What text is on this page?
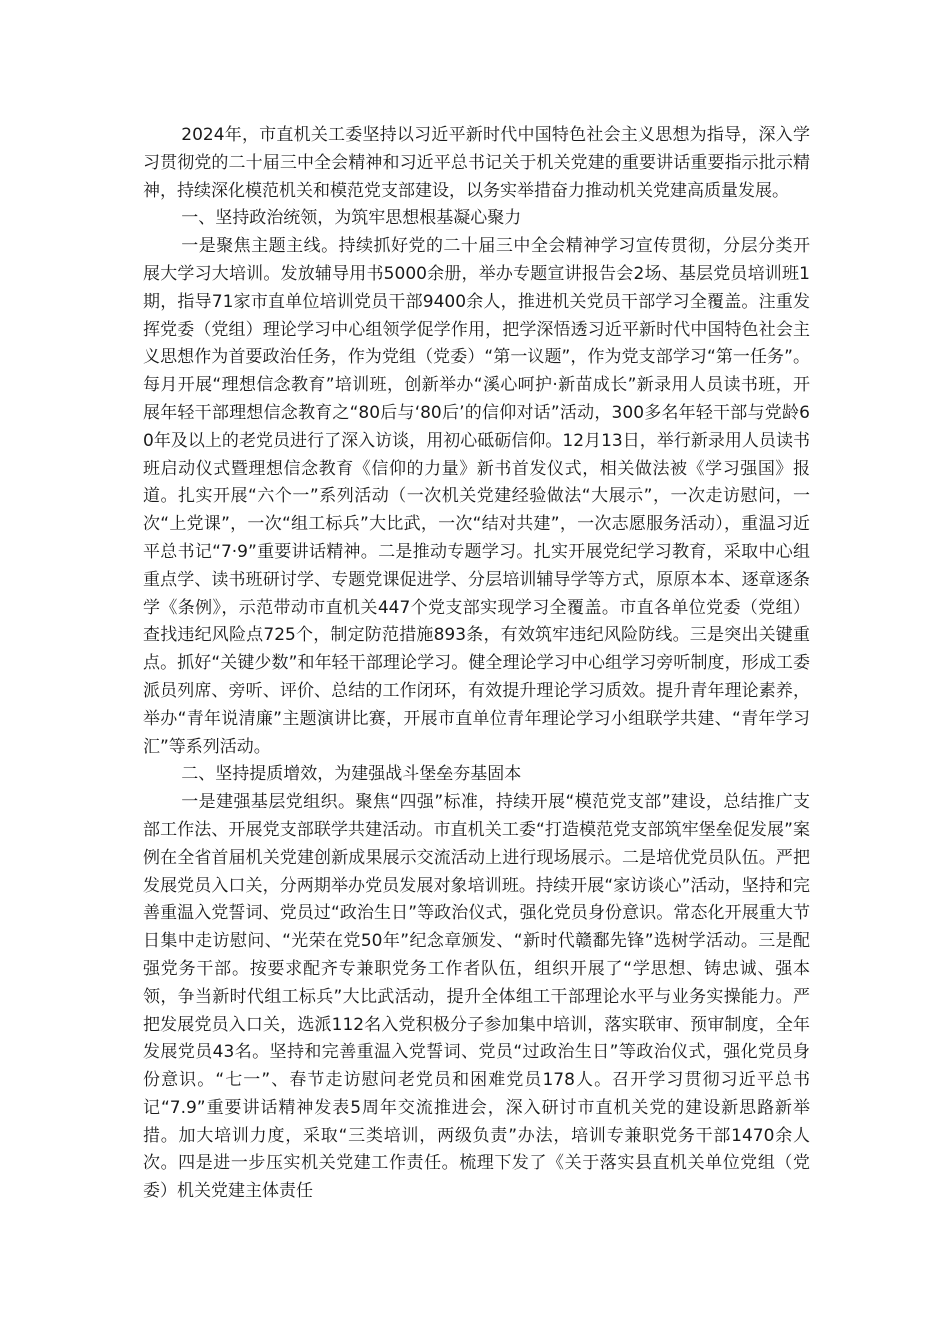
2024年，市直机关工委坚持以习近平新时代中国特色社会主义思想为指导，深入学习贯彻党的二十届三中全会精神和习近平总书记关于机关党建的重要讲话重要指示批示精神，持续深化模范机关和模范党支部建设，以务实举措奋力推动机关党建高质量发展。

一、坚持政治统领，为筑牢思想根基凝心聚力

一是聚焦主题主线。持续抓好党的二十届三中全会精神学习宣传贯彻，分层分类开展大学习大培训。发放辅导用书5000余册，举办专题宣讲报告会2场、基层党员培训班1期，指导71家市直单位培训党员干部9400余人，推进机关党员干部学习全覆盖。注重发挥党委（党组）理论学习中心组领学促学作用，把学深悟透习近平新时代中国特色社会主义思想作为首要政治任务，作为党组（党委）“第一议题”，作为党支部学习“第一任务”。每月开展“理想信念教育”培训班，创新举办“溪心呵护·新苗成长”新录用人员读书班，开展年轻干部理想信念教育之“80后与‘80后’的信仰对话”活动，300多名年轻干部与党龄60年及以上的老党员进行了深入访谈，用初心砥砺信仰。12月13日，举行新录用人员读书班启动仪式暨理想信念教育《信仰的力量》新书首发仪式，相关做法被《学习强国》报道。扎实开展“六个一”系列活动（一次机关党建经验做法“大展示”，一次走访慰问，一次“上党课”，一次“组工标兵”大比武，一次“结对共建”，一次志愿服务活动），重温习近平总书记“7·9”重要讲话精神。二是推动专题学习。扎实开展党纪学习教育，采取中心组重点学、读书班研讨学、专题党课促进学、分层培训辅导学等方式，原原本本、逐章逐条学《条例》，示范带动市直机关447个党支部实现学习全覆盖。市直各单位党委（党组）查找违纪风险点725个，制定防范措施893条，有效筑牢违纪风险防线。三是突出关键重点。抓好“关键少数”和年轻干部理论学习。健全理论学习中心组学习旁听制度，形成工委派员列席、旁听、评价、总结的工作闭环，有效提升理论学习质效。提升青年理论素养，举办“青年说清廉”主题演讲比赛，开展市直单位青年理论学习小组联学共建、“青年学习汇”等系列活动。

二、坚持提质增效，为建强战斗堡垒夯基固本

一是建强基层党组织。聚焦“四强”标准，持续开展“模范党支部”建设，总结推广支部工作法、开展党支部联学共建活动。市直机关工委“打造模范党支部筑牢堡垒促发展”案例在全省首届机关党建创新成果展示交流活动上进行现场展示。二是培优党员队伍。严把发展党员入口关，分两期举办党员发展对象培训班。持续开展“家访谈心”活动，坚持和完善重温入党誓词、党员过“政治生日”等政治仪式，强化党员身份意识。常态化开展重大节日集中走访慰问、“光荣在党50年”纪念章颁发、“新时代赣鄱先锋”选树学活动。三是配强党务干部。按要求配齐专兼职党务工作者队伍，组织开展了“学思想、铸忠诚、强本领，争当新时代组工标兵”大比武活动，提升全体组工干部理论水平与业务实操能力。严把发展党员入口关，选派112名入党积极分子参加集中培训，落实联审、预审制度，全年发展党员43名。坚持和完善重温入党誓词、党员“过政治生日”等政治仪式，强化党员身份意识。“七一”、春节走访慰问老党员和困难党员178人。召开学习贯彻习近平总书记“7.9”重要讲话精神发表5周年交流推进会，深入研讨市直机关党的建设新思路新举措。加大培训力度，采取“三类培训，两级负责”办法，培训专兼职党务干部1470余人次。四是进一步压实机关党建工作责任。梳理下发了《关于落实县直机关单位党组（党委）机关党建主体责任
